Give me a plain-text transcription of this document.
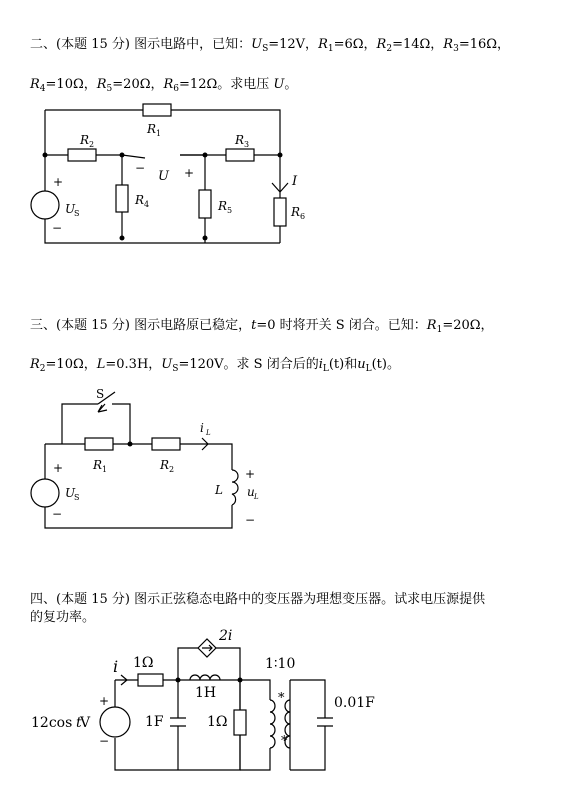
二、(本题 15 分) 图示电路中，已知：$U_S=12V$，$R_1=6\Omega$，$R_2=14\Omega$，$R_3=16\Omega$，
$R_4=10\Omega$，$R_5=20\Omega$，$R_6=12\Omega$。求电压 U。
三、(本题 15 分) 图示电路原已稳定，t=0 时将开关 S 闭合。已知：$R_1=20\Omega$，
$R_2=10\Omega$，L=0.3H，$U_S=120V$。求 S 闭合后的$i_L(t)$和$u_L(t)$。
四、(本题 15 分) 图示正弦稳态电路中的变压器为理想变压器。试求电压源提供
的复功率。
R 1
R 2
R 4	R 5
R 3
R 6
I
+
−
U
S
−
U +
S
R 1	R 2
i L
L
+
u L
−
+
−
U
S
1Ω
i
+
−
12cos t
V
2i
1H
1F	1Ω
1∶10
*
*
0.01F
